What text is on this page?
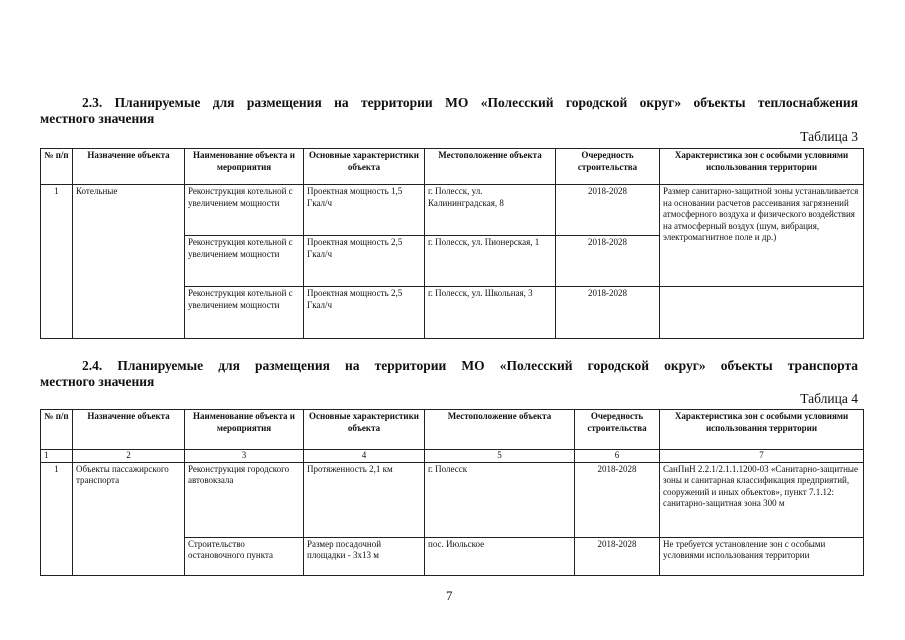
2.3. Планируемые для размещения на территории МО «Полесский городской округ» объекты теплоснабжения
местного значения
Таблица 3
№ п/п	Назначение объекта	Наименование объекта и мероприятия	Основные характеристики объекта	Местоположение объекта	Очередность строительства	Характеристика зон с особыми условиями использования территории
1	Котельные	Реконструкция котельной с увеличением мощности	Проектная мощность 1,5 Гкал/ч	г. Полесск, ул. Калининградская, 8	2018-2028	Размер санитарно-защитной зоны устанавливается на основании расчетов рассеивания загрязнений атмосферного воздуха и физического воздействия на атмосферный воздух (шум, вибрация, электромагнитное поле и др.)
		Реконструкция котельной с увеличением мощности	Проектная мощность 2,5 Гкал/ч	г. Полесск, ул. Пионерская, 1	2018-2028	
		Реконструкция котельной с увеличением мощности	Проектная мощность 2,5 Гкал/ч	г. Полесск, ул. Школьная, 3	2018-2028	
2.4. Планируемые для размещения на территории МО «Полесский городской округ» объекты транспорта
местного значения
Таблица 4
№ п/п	Назначение объекта	Наименование объекта и мероприятия	Основные характеристики объекта	Местоположение объекта	Очередность строительства	Характеристика зон с особыми условиями использования территории
1	2	3	4	5	6	7
1	Объекты пассажирского транспорта	Реконструкция городского автовокзала	Протяженность 2,1 км	г. Полесск	2018-2028	СанПиН 2.2.1/2.1.1.1200-03 «Санитарно-защитные зоны и санитарная классификация предприятий, сооружений и иных объектов», пункт 7.1.12: санитарно-защитная зона 300 м
		Строительство остановочного пункта	Размер посадочной площадки - 3х13 м	пос. Июльское	2018-2028	Не требуется установление зон с особыми условиями использования территории
7
